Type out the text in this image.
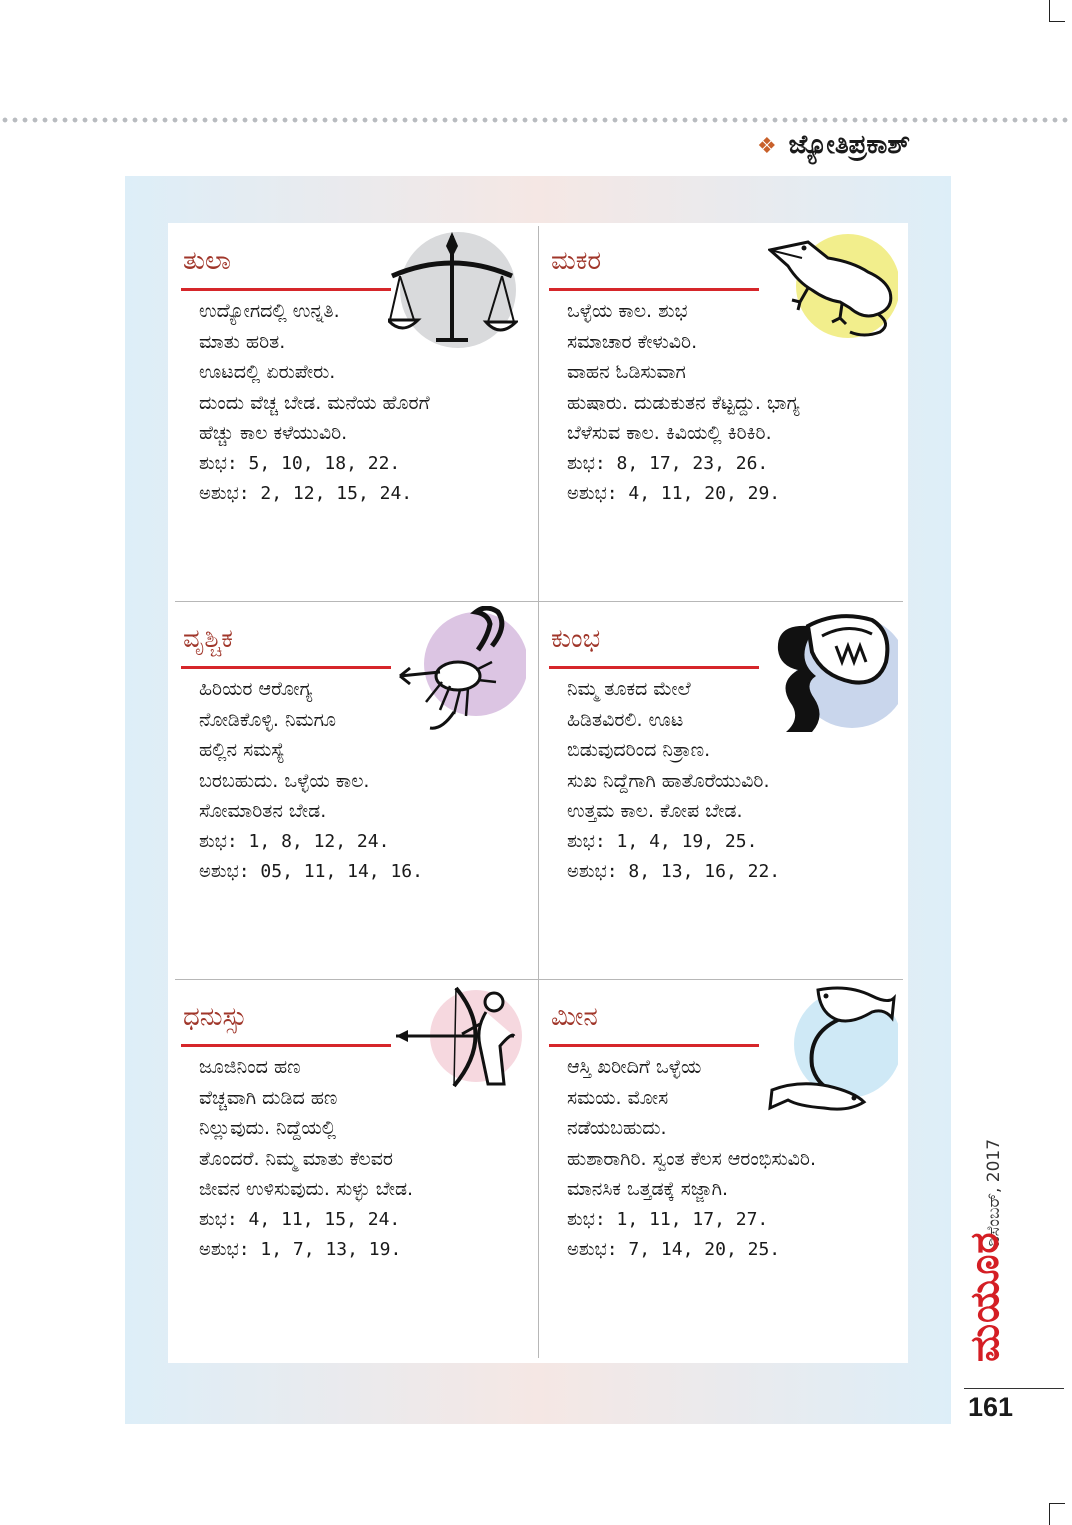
❖ ಜ್ಯೋತಿಪ್ರಕಾಶ್
ತುಲಾ
ಉದ್ಯೋಗದಲ್ಲಿ ಉನ್ನತಿ.
ಮಾತು ಹರಿತ.
ಊಟದಲ್ಲಿ ಏರುಪೇರು.
ದುಂದು ವೆಚ್ಚ ಬೇಡ. ಮನೆಯ ಹೊರಗೆ
ಹೆಚ್ಚು ಕಾಲ ಕಳೆಯುವಿರಿ.
ಶುಭ: 5, 10, 18, 22.
ಅಶುಭ: 2, 12, 15, 24.
ಮಕರ
ಒಳ್ಳೆಯ ಕಾಲ. ಶುಭ
ಸಮಾಚಾರ ಕೇಳುವಿರಿ.
ವಾಹನ ಓಡಿಸುವಾಗ
ಹುಷಾರು. ದುಡುಕುತನ ಕೆಟ್ಟದ್ದು. ಭಾಗ್ಯ
ಬೆಳೆಸುವ ಕಾಲ. ಕಿವಿಯಲ್ಲಿ ಕಿರಿಕಿರಿ.
ಶುಭ: 8, 17, 23, 26.
ಅಶುಭ: 4, 11, 20, 29.
ವೃಶ್ಚಿಕ
ಹಿರಿಯರ ಆರೋಗ್ಯ
ನೋಡಿಕೊಳ್ಳಿ. ನಿಮಗೂ
ಹಲ್ಲಿನ ಸಮಸ್ಯೆ
ಬರಬಹುದು. ಒಳ್ಳೆಯ ಕಾಲ.
ಸೋಮಾರಿತನ ಬೇಡ.
ಶುಭ: 1, 8, 12, 24.
ಅಶುಭ: 05, 11, 14, 16.
ಕುಂಭ
ನಿಮ್ಮ ತೂಕದ ಮೇಲೆ
ಹಿಡಿತವಿರಲಿ. ಊಟ
ಬಿಡುವುದರಿಂದ ನಿತ್ರಾಣ.
ಸುಖ ನಿದ್ದೆಗಾಗಿ ಹಾತೊರೆಯುವಿರಿ.
ಉತ್ತಮ ಕಾಲ. ಕೋಪ ಬೇಡ.
ಶುಭ: 1, 4, 19, 25.
ಅಶುಭ: 8, 13, 16, 22.
ಧನುಸ್ಸು
ಜೂಜಿನಿಂದ ಹಣ
ವೆಚ್ಚವಾಗಿ ದುಡಿದ ಹಣ
ನಿಲ್ಲುವುದು. ನಿದ್ದೆಯಲ್ಲಿ
ತೊಂದರೆ. ನಿಮ್ಮ ಮಾತು ಕೆಲವರ
ಜೀವನ ಉಳಿಸುವುದು. ಸುಳ್ಳು ಬೇಡ.
ಶುಭ: 4, 11, 15, 24.
ಅಶುಭ: 1, 7, 13, 19.
ಮೀನ
ಆಸ್ತಿ ಖರೀದಿಗೆ ಒಳ್ಳೆಯ
ಸಮಯ. ಮೋಸ
ನಡೆಯಬಹುದು.
ಹುಶಾರಾಗಿರಿ. ಸ್ವಂತ ಕೆಲಸ ಆರಂಭಿಸುವಿರಿ.
ಮಾನಸಿಕ ಒತ್ತಡಕ್ಕೆ ಸಜ್ಜಾಗಿ.
ಶುಭ: 1, 11, 17, 27.
ಅಶುಭ: 7, 14, 20, 25.
ಡಿಸೆಂಬರ್, 2017
ಮಯೂರ
161
